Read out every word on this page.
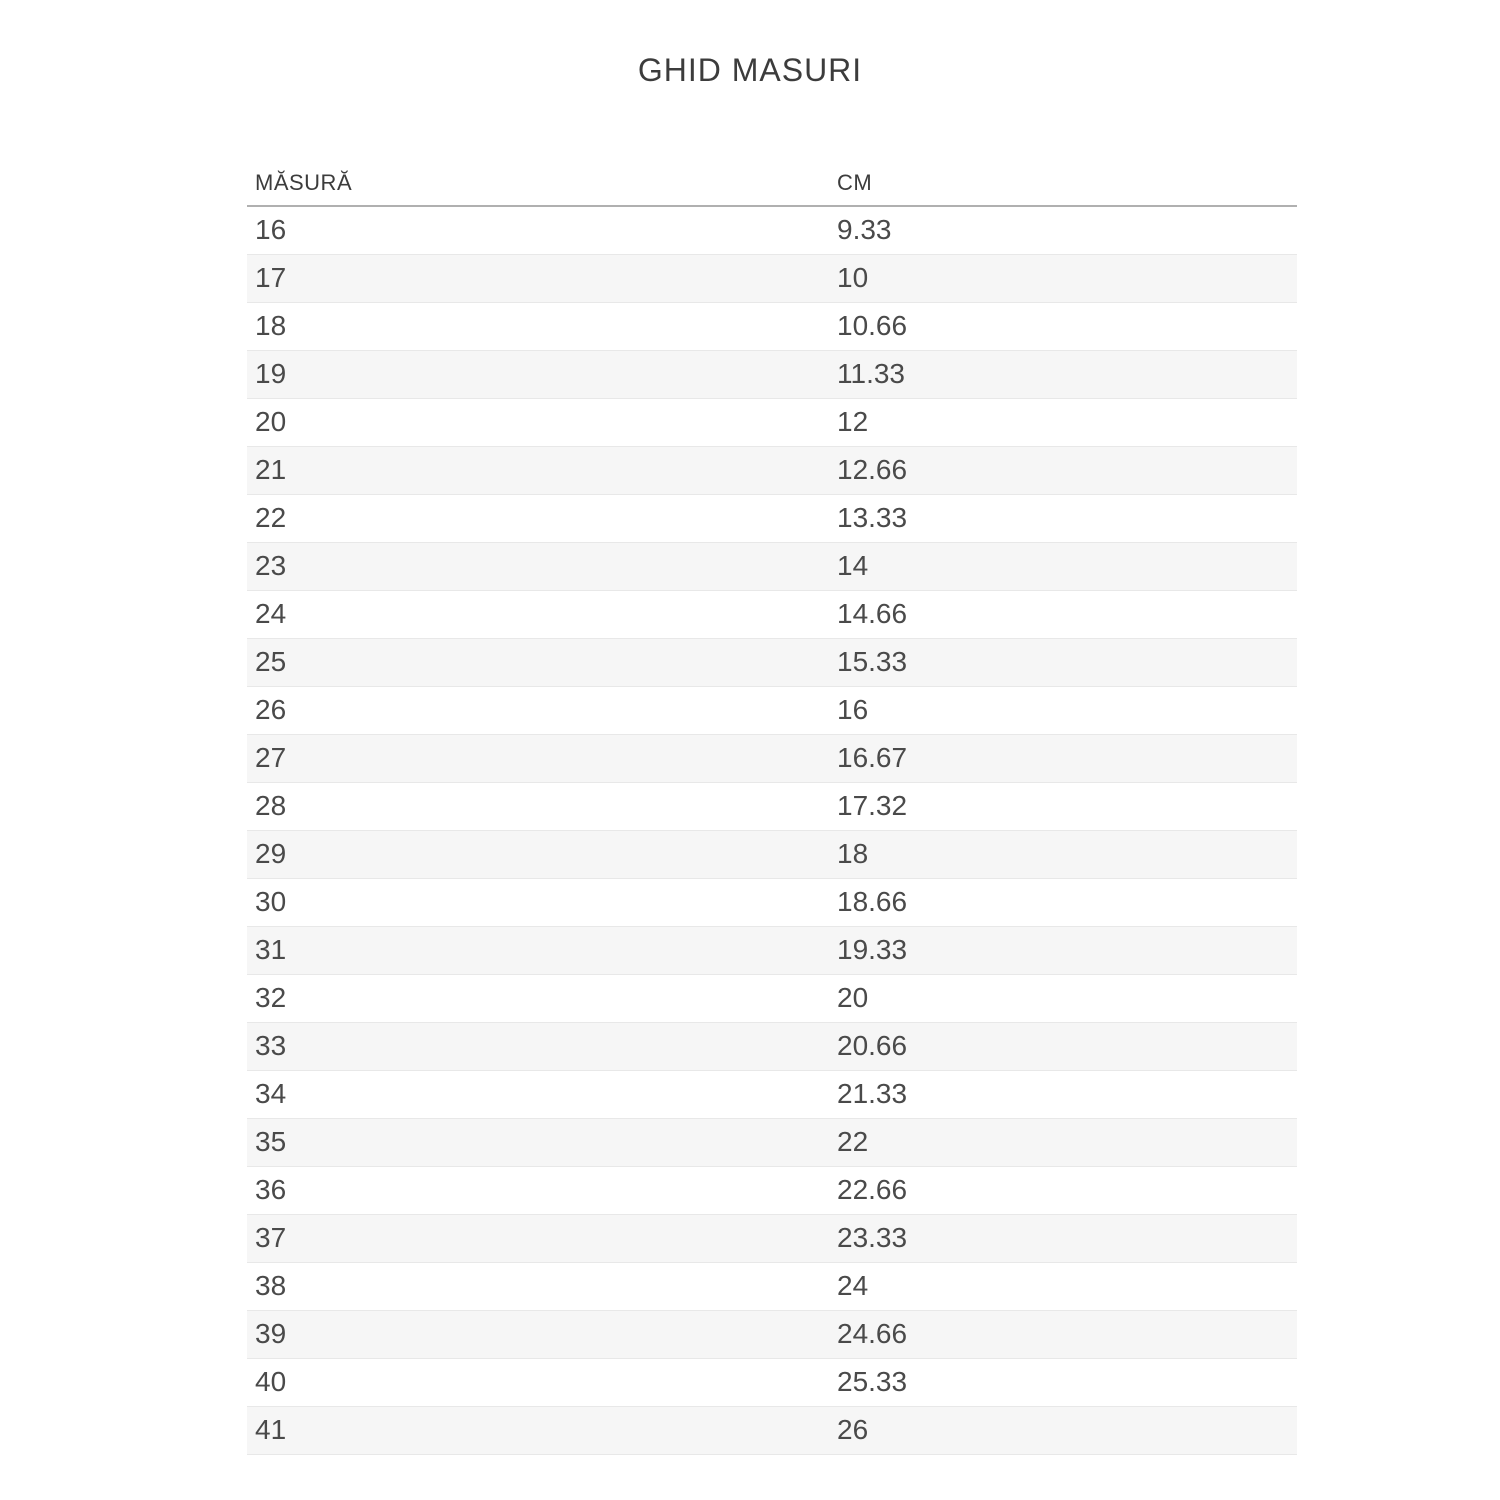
GHID MASURI
MĂSURĂ	CM
16	9.33
17	10
18	10.66
19	11.33
20	12
21	12.66
22	13.33
23	14
24	14.66
25	15.33
26	16
27	16.67
28	17.32
29	18
30	18.66
31	19.33
32	20
33	20.66
34	21.33
35	22
36	22.66
37	23.33
38	24
39	24.66
40	25.33
41	26
